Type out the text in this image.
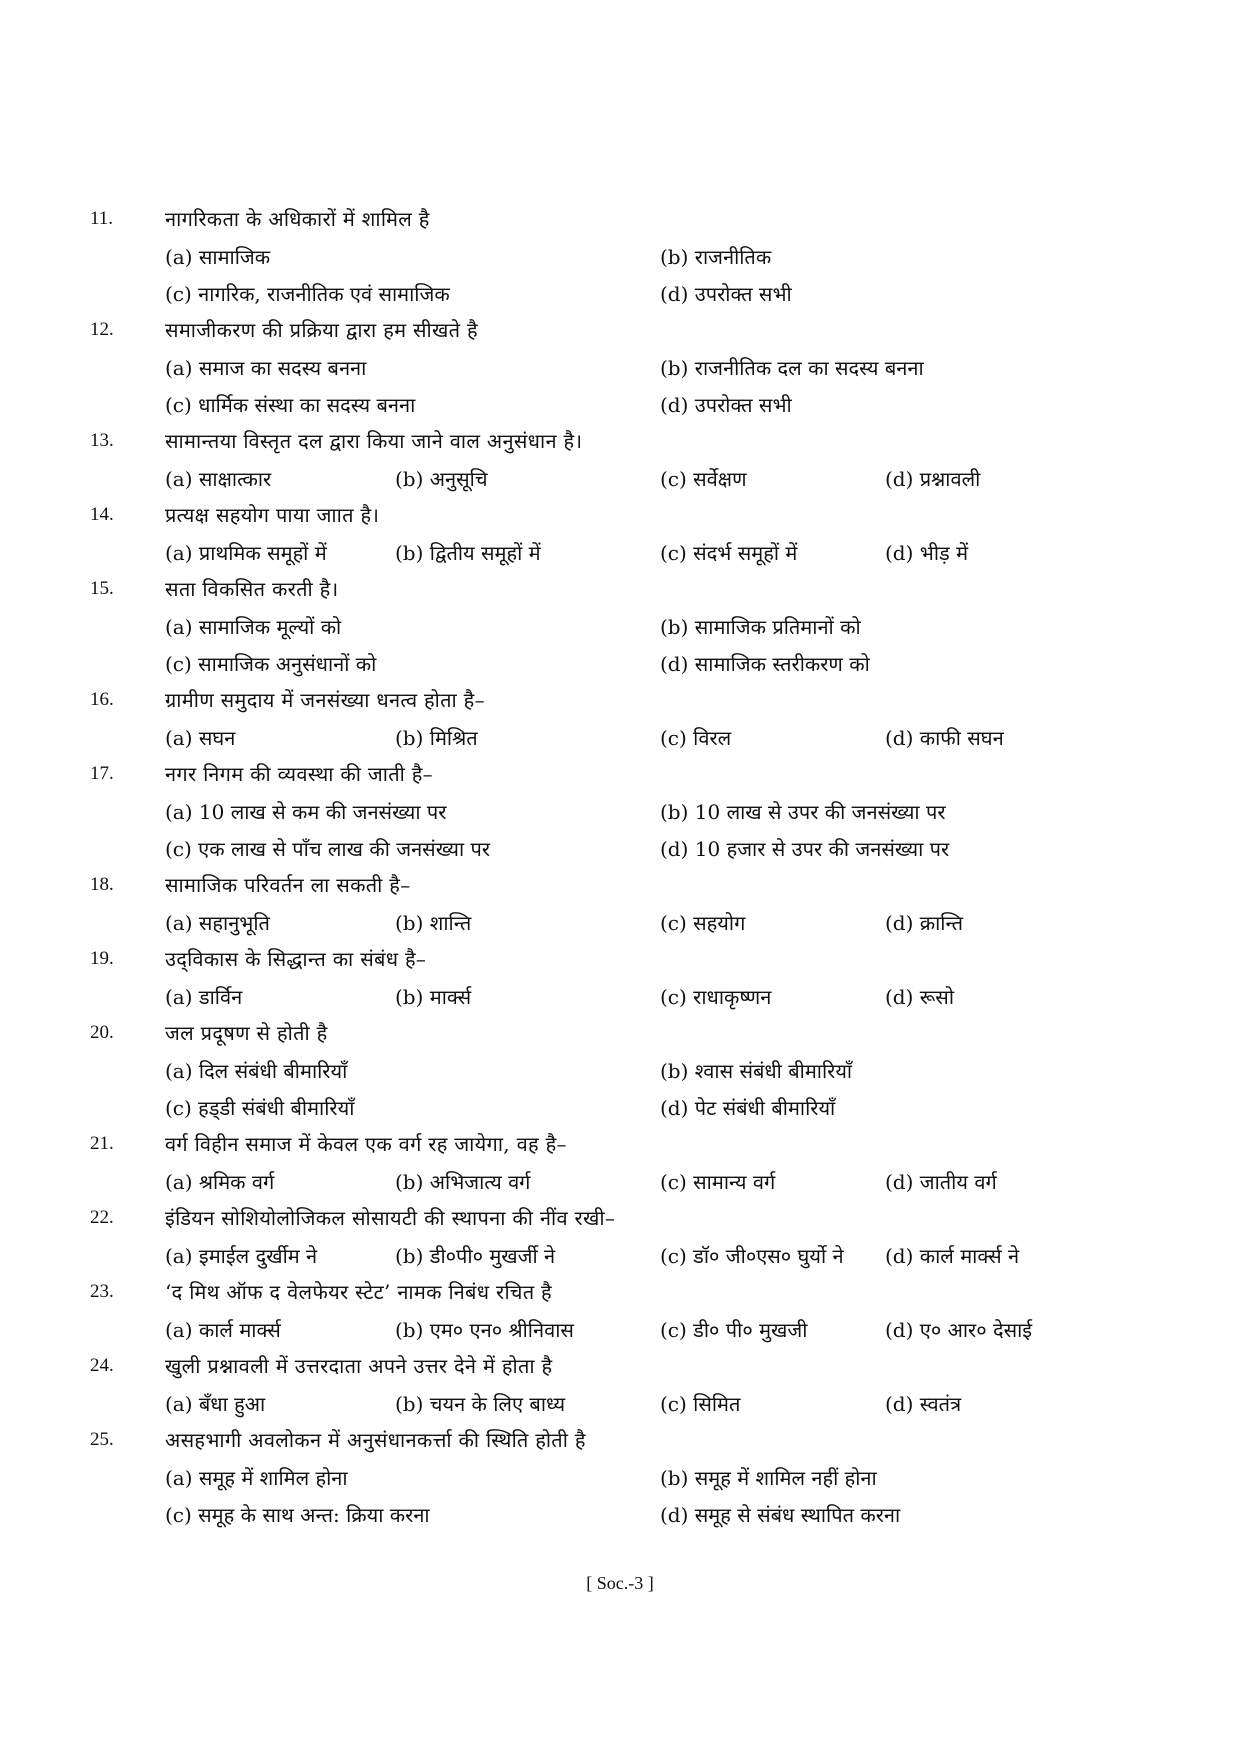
11.	नागरिकता के अधिकारों में शामिल है
(a) सामाजिक	(b) राजनीतिक
(c) नागरिक, राजनीतिक एवं सामाजिक	(d) उपरोक्त सभी
12.	समाजीकरण की प्रक्रिया द्वारा हम सीखते है
(a) समाज का सदस्य बनना	(b) राजनीतिक दल का सदस्य बनना
(c) धार्मिक संस्था का सदस्य बनना	(d) उपरोक्त सभी
13.	सामान्तया विस्तृत दल द्वारा किया जाने वाल अनुसंधान है।
(a) साक्षात्कार	(b) अनुसूचि	(c) सर्वेक्षण	(d) प्रश्नावली
14.	प्रत्यक्ष सहयोग पाया जाात है।
(a) प्राथमिक समूहों में	(b) द्वितीय समूहों में	(c) संदर्भ समूहों में	(d) भीड़ में
15.	सता विकसित करती है।
(a) सामाजिक मूल्यों को	(b) सामाजिक प्रतिमानों को
(c) सामाजिक अनुसंधानों को	(d) सामाजिक स्तरीकरण को
16.	ग्रामीण समुदाय में जनसंख्या धनत्व होता है–
(a) सघन	(b) मिश्रित	(c) विरल	(d) काफी सघन
17.	नगर निगम की व्यवस्था की जाती है–
(a) 10 लाख से कम की जनसंख्या पर	(b) 10 लाख से उपर की जनसंख्या पर
(c) एक लाख से पाँच लाख की जनसंख्या पर	(d) 10 हजार से उपर की जनसंख्या पर
18.	सामाजिक परिवर्तन ला सकती है–
(a) सहानुभूति	(b) शान्ति	(c) सहयोग	(d) क्रान्ति
19.	उद्‌विकास के सिद्धान्त का संबंध है–
(a) डार्विन	(b) मार्क्स	(c) राधाकृष्णन	(d) रूसो
20.	जल प्रदूषण से होती है
(a) दिल संबंधी बीमारियाँ	(b) श्वास संबंधी बीमारियाँ
(c) हड्‌डी संबंधी बीमारियाँ	(d) पेट संबंधी बीमारियाँ
21.	वर्ग विहीन समाज में केवल एक वर्ग रह जायेगा, वह है–
(a) श्रमिक वर्ग	(b) अभिजात्य वर्ग	(c) सामान्य वर्ग	(d) जातीय वर्ग
22.	इंडियन सोशियोलोजिकल सोसायटी की स्थापना की नींव रखी–
(a) इमाईल दुर्खीम ने	(b) डी०पी० मुखर्जी ने	(c) डॉ० जी०एस० घुर्यो ने (d) कार्ल मार्क्स ने
23.	‘द मिथ ऑफ द वेलफेयर स्टेट’ नामक निबंध रचित है
(a) कार्ल मार्क्स	(b) एम० एन० श्रीनिवास	(c) डी० पी० मुखजी	(d) ए० आर० देसाई
24.	खुली प्रश्नावली में उत्तरदाता अपने उत्तर देने में होता है
(a) बँधा हुआ	(b) चयन के लिए बाध्य	(c) सिमित	(d) स्वतंत्र
25.	असहभागी अवलोकन में अनुसंधानकर्त्ता की स्थिति होती है
(a) समूह में शामिल होना	(b) समूह में शामिल नहीं होना
(c) समूह के साथ अन्त: क्रिया करना	(d) समूह से संबंध स्थापित करना
[ Soc.-3 ]
